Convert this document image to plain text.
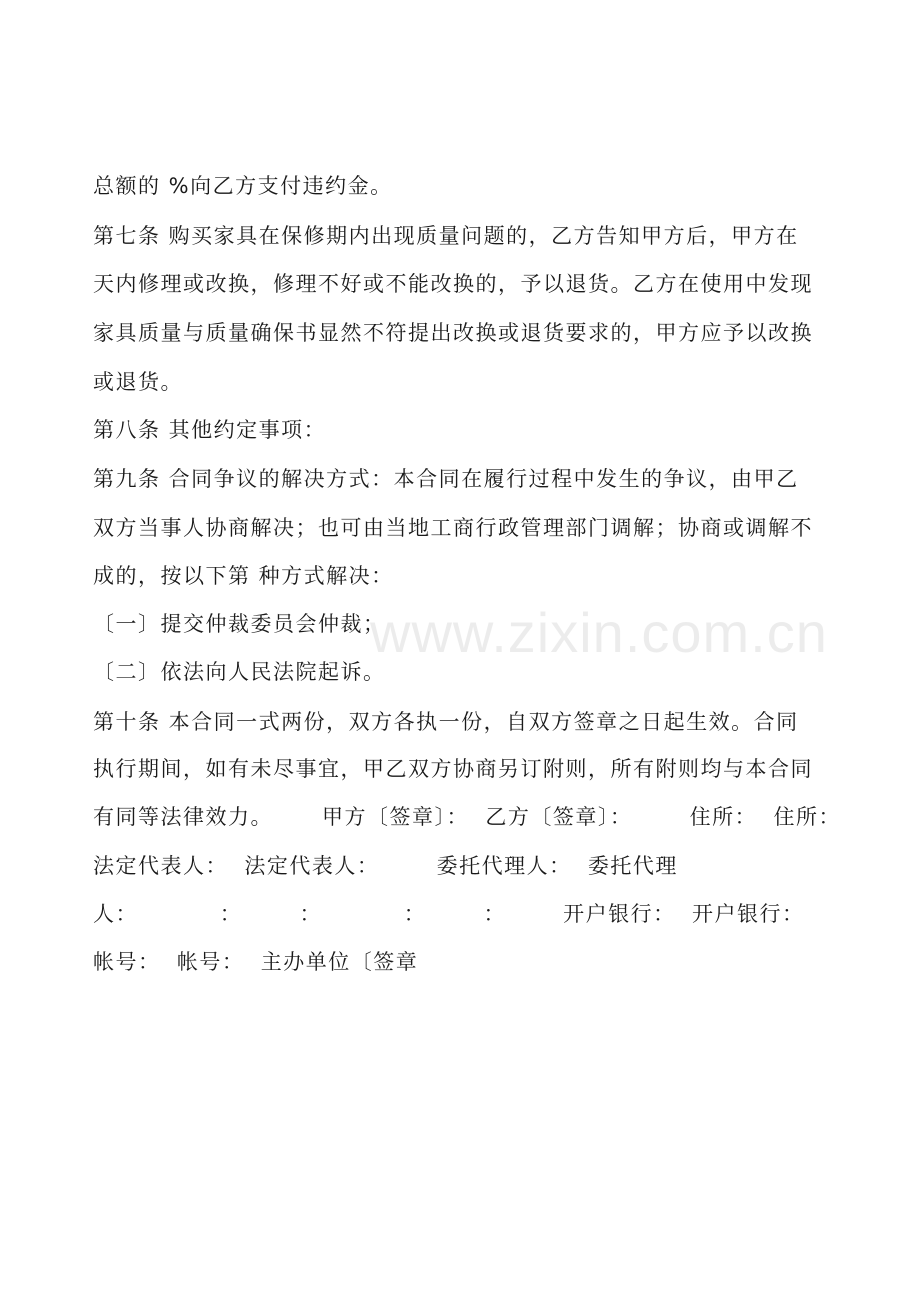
总额的 %向乙方支付违约金。
第七条 购买家具在保修期内出现质量问题的，乙方告知甲方后，甲方在
天内修理或改换，修理不好或不能改换的，予以退货。乙方在使用中发现
家具质量与质量确保书显然不符提出改换或退货要求的，甲方应予以改换
或退货。
第八条 其他约定事项：
第九条 合同争议的解决方式：本合同在履行过程中发生的争议，由甲乙
双方当事人协商解决；也可由当地工商行政管理部门调解；协商或调解不
成的，按以下第 种方式解决：
〔一〕提交仲裁委员会仲裁；
〔二〕依法向人民法院起诉。
第十条 本合同一式两份，双方各执一份，自双方签章之日起生效。合同
执行期间，如有未尽事宜，甲乙双方协商另订附则，所有附则均与本合同
有同等法律效力。      甲方〔签章〕：  乙方〔签章〕：       住所：  住所：
法定代表人：  法定代表人：       委托代理人：  委托代理
人：          ：       ：          ：       ：       开户银行：  开户银行：
帐号：  帐号：  主办单位〔签章
www.zixin.com.cn
